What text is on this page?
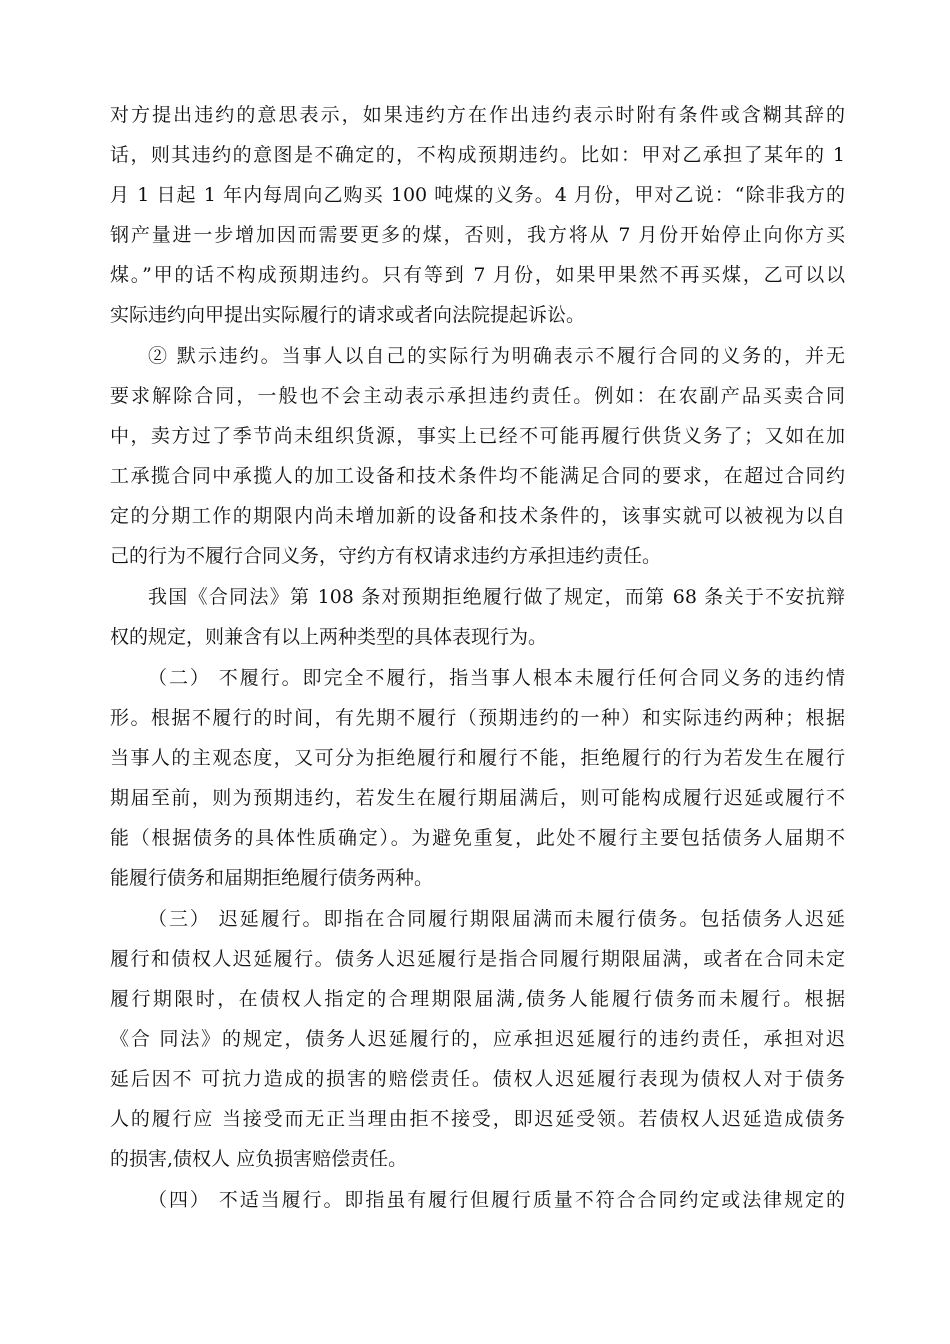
对方提出违约的意思表示，如果违约方在作出违约表示时附有条件或含糊其辞的
话，则其违约的意图是不确定的，不构成预期违约。比如：甲对乙承担了某年的 1
月 1 日起 1 年内每周向乙购买 100 吨煤的义务。4 月份，甲对乙说：“除非我方的
钢产量进一步增加因而需要更多的煤，否则，我方将从 7 月份开始停止向你方买
煤。”甲的话不构成预期违约。只有等到 7 月份，如果甲果然不再买煤，乙可以以
实际违约向甲提出实际履行的请求或者向法院提起诉讼。
② 默示违约。当事人以自己的实际行为明确表示不履行合同的义务的，并无
要求解除合同，一般也不会主动表示承担违约责任。例如：在农副产品买卖合同
中，卖方过了季节尚未组织货源，事实上已经不可能再履行供货义务了；又如在加
工承揽合同中承揽人的加工设备和技术条件均不能满足合同的要求，在超过合同约
定的分期工作的期限内尚未增加新的设备和技术条件的，该事实就可以被视为以自
己的行为不履行合同义务，守约方有权请求违约方承担违约责任。
我国《合同法》第 108 条对预期拒绝履行做了规定，而第 68 条关于不安抗辩
权的规定，则兼含有以上两种类型的具体表现行为。
（二） 不履行。即完全不履行，指当事人根本未履行任何合同义务的违约情
形。根据不履行的时间，有先期不履行（预期违约的一种）和实际违约两种；根据
当事人的主观态度，又可分为拒绝履行和履行不能，拒绝履行的行为若发生在履行
期届至前，则为预期违约，若发生在履行期届满后，则可能构成履行迟延或履行不
能（根据债务的具体性质确定）。为避免重复，此处不履行主要包括债务人届期不
能履行债务和届期拒绝履行债务两种。
（三） 迟延履行。即指在合同履行期限届满而未履行债务。包括债务人迟延
履行和债权人迟延履行。债务人迟延履行是指合同履行期限届满，或者在合同未定
履行期限时，在债权人指定的合理期限届满,债务人能履行债务而未履行。根据
《合 同法》的规定，债务人迟延履行的，应承担迟延履行的违约责任，承担对迟
延后因不 可抗力造成的损害的赔偿责任。债权人迟延履行表现为债权人对于债务
人的履行应 当接受而无正当理由拒不接受，即迟延受领。若债权人迟延造成债务
的损害,债权人 应负损害赔偿责任。
（四） 不适当履行。即指虽有履行但履行质量不符合合同约定或法律规定的
